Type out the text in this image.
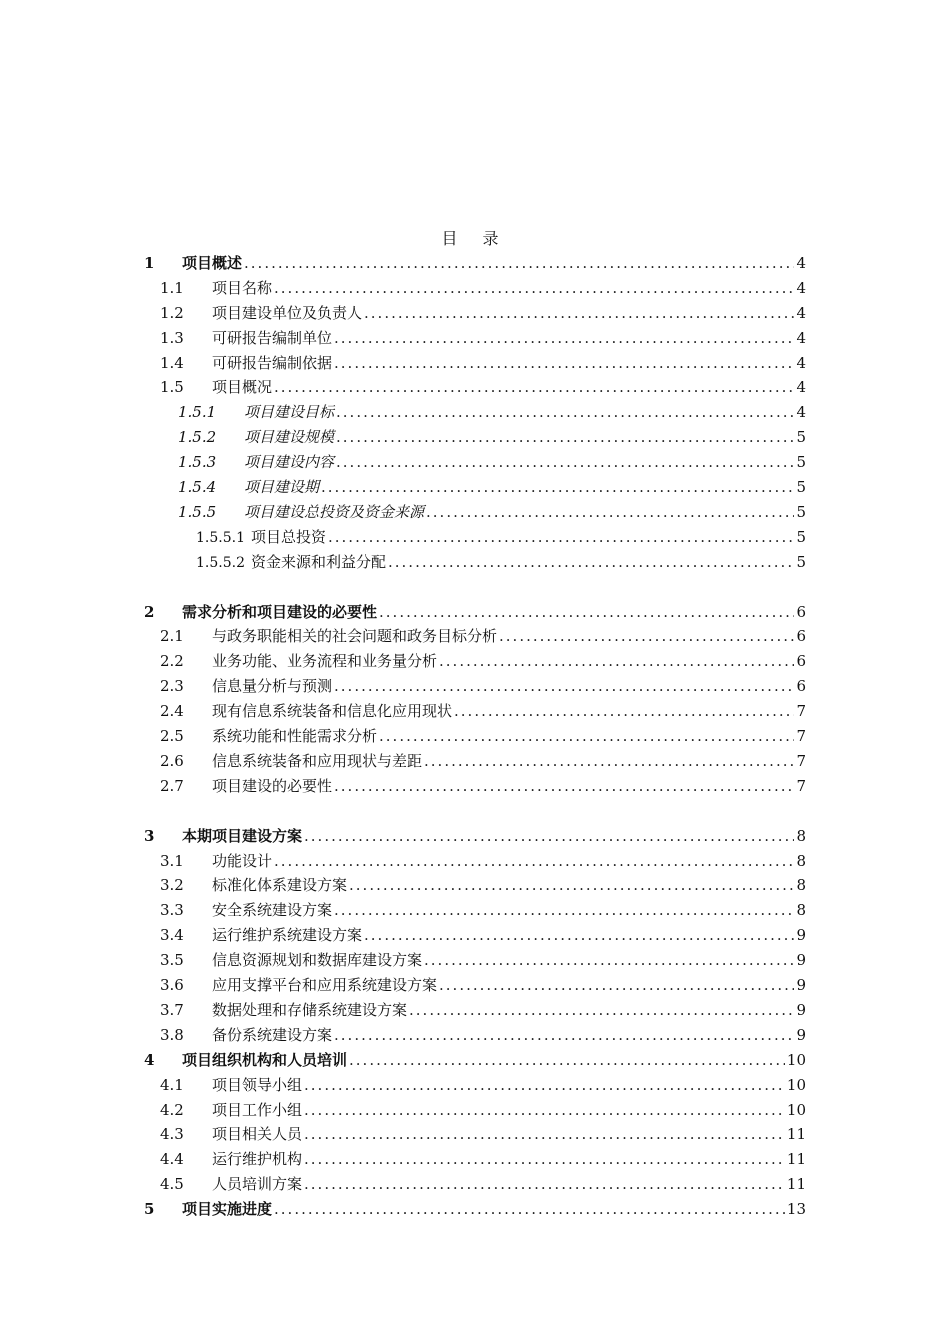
目 录
1	项目概述 .....	4
1.1	项目名称 .....	4
1.2	项目建设单位及负责人 .....	4
1.3	可研报告编制单位 .....	4
1.4	可研报告编制依据 .....	4
1.5	项目概况 .....	4
1.5.1	项目建设目标 .....	4
1.5.2	项目建设规模 .....	5
1.5.3	项目建设内容 .....	5
1.5.4	项目建设期 .....	5
1.5.5	项目建设总投资及资金来源 .....	5
1.5.5.1 项目总投资 .....	5
1.5.5.2 资金来源和利益分配 .....	5
2	需求分析和项目建设的必要性 .....	6
2.1	与政务职能相关的社会问题和政务目标分析 .....	6
2.2	业务功能、业务流程和业务量分析 .....	6
2.3	信息量分析与预测 .....	6
2.4	现有信息系统装备和信息化应用现状 .....	7
2.5	系统功能和性能需求分析 .....	7
2.6	信息系统装备和应用现状与差距 .....	7
2.7	项目建设的必要性 .....	7
3	本期项目建设方案 .....	8
3.1	功能设计 .....	8
3.2	标准化体系建设方案 .....	8
3.3	安全系统建设方案 .....	8
3.4	运行维护系统建设方案 .....	9
3.5	信息资源规划和数据库建设方案 .....	9
3.6	应用支撑平台和应用系统建设方案 .....	9
3.7	数据处理和存储系统建设方案 .....	9
3.8	备份系统建设方案 .....	9
4	项目组织机构和人员培训 .....	10
4.1	项目领导小组 .....	10
4.2	项目工作小组 .....	10
4.3	项目相关人员 .....	11
4.4	运行维护机构 .....	11
4.5	人员培训方案 .....	11
5	项目实施进度 .....	13
